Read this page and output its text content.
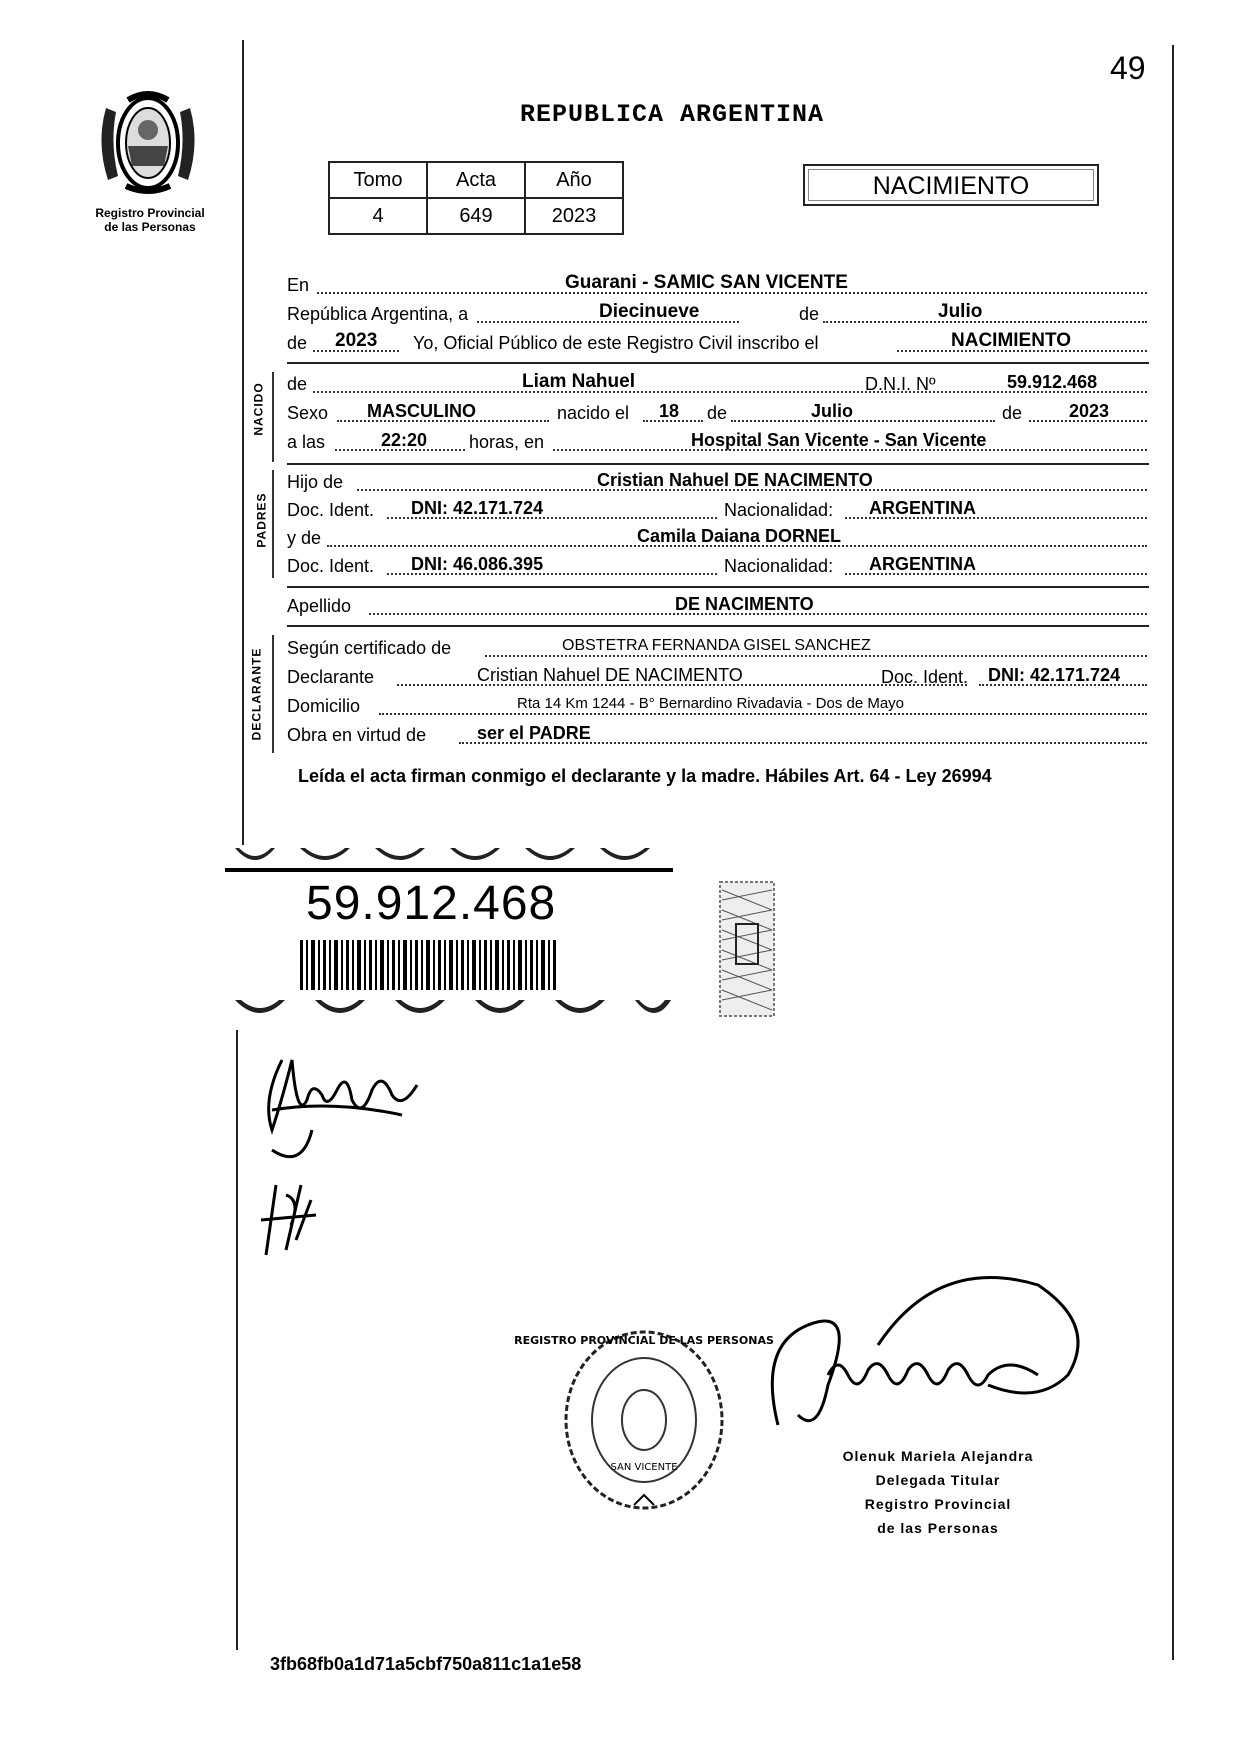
Registro Provincial
de las Personas
49
REPUBLICA ARGENTINA
Tomo	Acta	Año
4	649	2023
NACIMIENTO
En	Guarani - SAMIC SAN VICENTE
República Argentina, a	Diecinueve	de	Julio
de 2023 Yo, Oficial Público de este Registro Civil inscribo el	NACIMIENTO
NACIDO de	Liam Nahuel	D.N.I. Nº	59.912.468
Sexo MASCULINO	nacido el 18 de	Julio	de	2023
a las	22:20 horas, en	Hospital San Vicente - San Vicente
PADRES
Hijo de	Cristian Nahuel DE NACIMENTO
Doc. Ident. DNI: 42.171.724	Nacionalidad: ARGENTINA
y de	Camila Daiana DORNEL
Doc. Ident. DNI: 46.086.395	Nacionalidad: ARGENTINA
Apellido	DE NACIMENTO
DECLARANTE Según certificado de	OBSTETRA FERNANDA GISEL SANCHEZ
Declarante	Cristian Nahuel DE NACIMENTO	Doc. Ident. DNI: 42.171.724
Domicilio	Rta 14 Km 1244 - B° Bernardino Rivadavia - Dos de Mayo
Obra en virtud de	ser el PADRE
Leída el acta firman conmigo el declarante y la madre. Hábiles Art. 64 - Ley 26994
59.912.468
REGISTRO PROVINCIAL DE LAS PERSONAS
SAN VICENTE
Olenuk Mariela Alejandra
Delegada Titular
Registro Provincial
de las Personas
3fb68fb0a1d71a5cbf750a811c1a1e58
